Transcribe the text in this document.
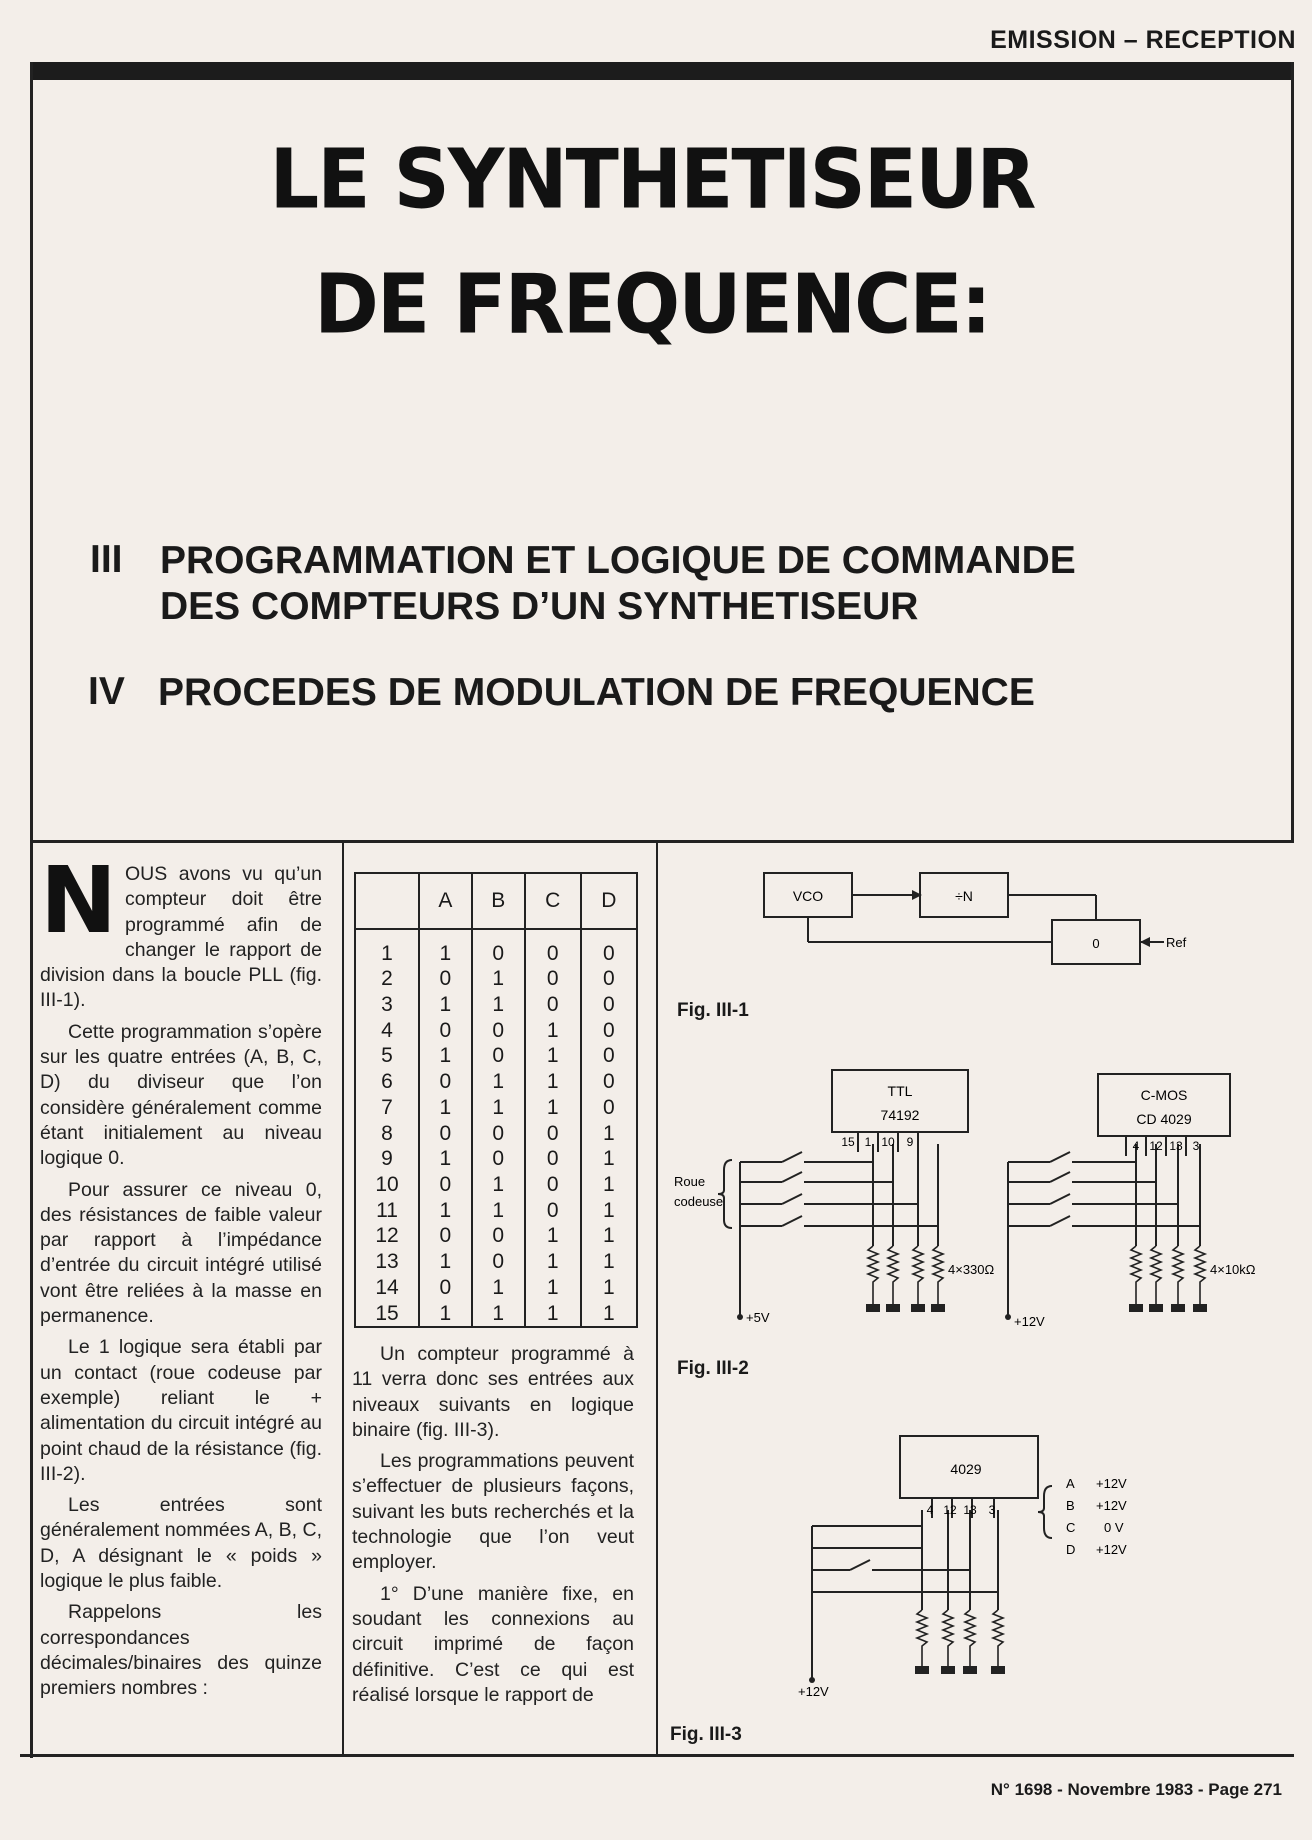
EMISSION – RECEPTION
LE SYNTHETISEUR
DE FREQUENCE:
III PROGRAMMATION ET LOGIQUE DE COMMANDE
DES COMPTEURS D’UN SYNTHETISEUR
IV PROCEDES DE MODULATION DE FREQUENCE
N OUS avons vu qu’un compteur doit être programmé afin de changer le rapport de division dans la boucle PLL (fig. III-1).

Cette programmation s’opère sur les quatre entrées (A, B, C, D) du diviseur que l’on considère généralement comme étant initialement au niveau logique 0.

Pour assurer ce niveau 0, des résistances de faible valeur par rapport à l’impédance d’entrée du circuit intégré utilisé vont être reliées à la masse en permanence.

Le 1 logique sera établi par un contact (roue codeuse par exemple) reliant le + alimentation du circuit intégré au point chaud de la résistance (fig. III-2).

Les entrées sont généralement nommées A, B, C, D, A désignant le « poids » logique le plus faible.

Rappelons les correspondances décimales/binaires des quinze premiers nombres :

	A	B	C	D
1	1	0	0	0
2	0	1	0	0
3	1	1	0	0
4	0	0	1	0
5	1	0	1	0
6	0	1	1	0
7	1	1	1	0
8	0	0	0	1
9	1	0	0	1
10	0	1	0	1
11	1	1	0	1
12	0	0	1	1
13	1	0	1	1
14	0	1	1	1
15	1	1	1	1

Un compteur programmé à 11 verra donc ses entrées aux niveaux suivants en logique binaire (fig. III-3).

Les programmations peuvent s’effectuer de plusieurs façons, suivant les buts recherchés et la technologie que l’on veut employer.

1° D’une manière fixe, en soudant les connexions au circuit imprimé de façon définitive. C’est ce qui est réalisé lorsque le rapport de

VCO	÷N
0	Ref
Fig. III-1
TTL
74192
C-MOS
CD 4029
15 1 10 9	4 12 13 3
Roue
codeuse
4×330Ω	4×10kΩ
+5V	+12V
Fig. III-2
4029
4 12 13 3
+12V
A +12V
B +12V
C 0 V
D +12V
Fig. III-3
N° 1698 - Novembre 1983 - Page 271
